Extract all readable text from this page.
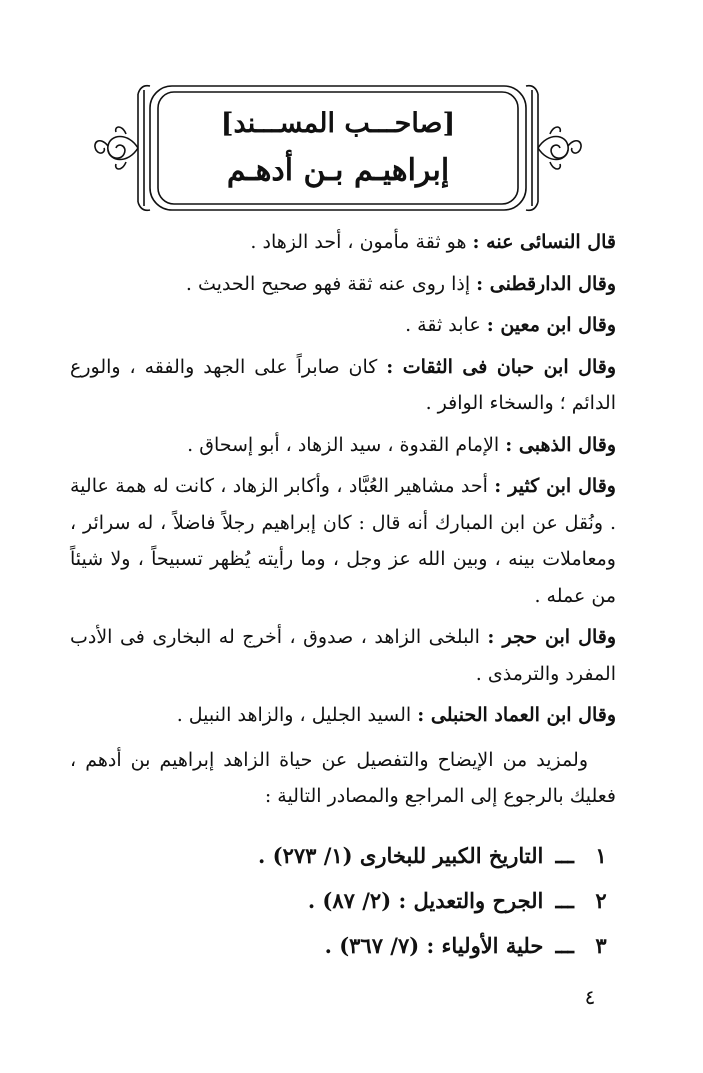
[صاحـــب المســـند]
إبراهيـم بـن أدهـم

قال النسائى عنه : هو ثقة مأمون ، أحد الزهاد .

وقال الدارقطنى : إذا روى عنه ثقة فهو صحيح الحديث .

وقال ابن معين : عابد ثقة .

وقال ابن حبان فى الثقات : كان صابراً على الجهد والفقه ، والورع الدائم ؛ والسخاء الوافر .

وقال الذهبى : الإمام القدوة ، سيد الزهاد ، أبو إسحاق .

وقال ابن كثير : أحد مشاهير العُبَّاد ، وأكابر الزهاد ، كانت له همة عالية . ونُقل عن ابن المبارك أنه قال : كان إبراهيم رجلاً فاضلاً ، له سرائر ، ومعاملات بينه ، وبين الله عز وجل ، وما رأيته يُظهر تسبيحاً ، ولا شيئاً من عمله .

وقال ابن حجر : البلخى الزاهد ، صدوق ، أخرج له البخارى فى الأدب المفرد والترمذى .

وقال ابن العماد الحنبلى : السيد الجليل ، والزاهد النبيل .

ولمزيد من الإيضاح والتفصيل عن حياة الزاهد إبراهيم بن أدهم ، فعليك بالرجوع إلى المراجع والمصادر التالية :

١ ـــ التاريخ الكبير للبخارى (١/ ٢٧٣) .
٢ ـــ الجرح والتعديل : (٢/ ٨٧) .
٣ ـــ حلية الأولياء : (٧/ ٣٦٧) .
٤
